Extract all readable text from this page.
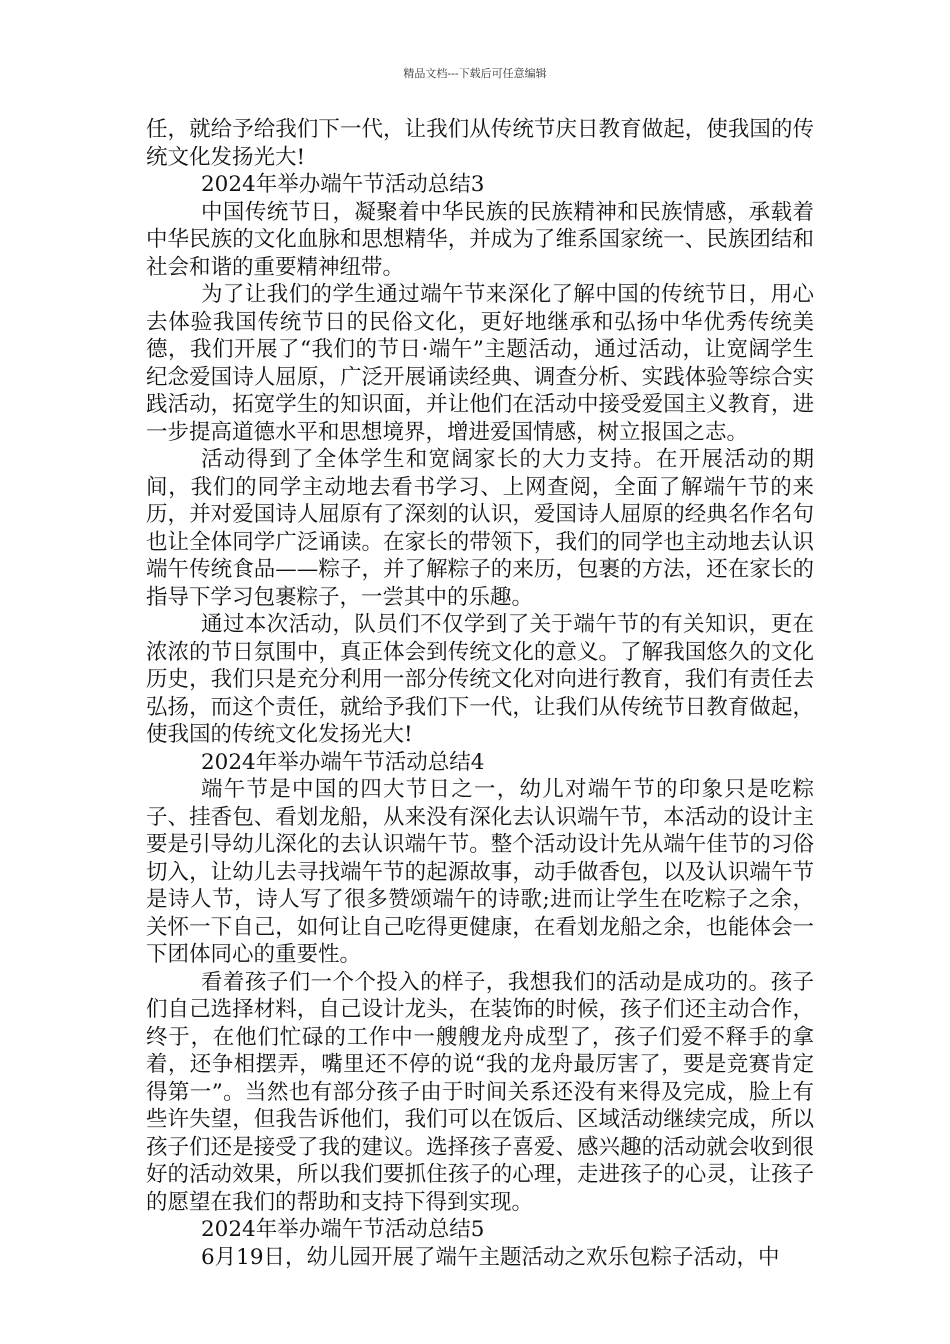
精品文档---下载后可任意编辑

任，就给予给我们下一代，让我们从传统节庆日教育做起，使我国的传统文化发扬光大!

2024年举办端午节活动总结3

中国传统节日，凝聚着中华民族的民族精神和民族情感，承载着中华民族的文化血脉和思想精华，并成为了维系国家统一、民族团结和社会和谐的重要精神纽带。

为了让我们的学生通过端午节来深化了解中国的传统节日，用心去体验我国传统节日的民俗文化，更好地继承和弘扬中华优秀传统美德，我们开展了“我们的节日·端午”主题活动，通过活动，让宽阔学生纪念爱国诗人屈原，广泛开展诵读经典、调查分析、实践体验等综合实践活动，拓宽学生的知识面，并让他们在活动中接受爱国主义教育，进一步提高道德水平和思想境界，增进爱国情感，树立报国之志。

活动得到了全体学生和宽阔家长的大力支持。在开展活动的期间，我们的同学主动地去看书学习、上网查阅，全面了解端午节的来历，并对爱国诗人屈原有了深刻的认识，爱国诗人屈原的经典名作名句也让全体同学广泛诵读。在家长的带领下，我们的同学也主动地去认识端午传统食品——粽子，并了解粽子的来历，包裹的方法，还在家长的指导下学习包裹粽子，一尝其中的乐趣。

通过本次活动，队员们不仅学到了关于端午节的有关知识，更在浓浓的节日氛围中，真正体会到传统文化的意义。了解我国悠久的文化历史，我们只是充分利用一部分传统文化对向进行教育，我们有责任去弘扬，而这个责任，就给予我们下一代，让我们从传统节日教育做起，使我国的传统文化发扬光大!

2024年举办端午节活动总结4

端午节是中国的四大节日之一，幼儿对端午节的印象只是吃粽子、挂香包、看划龙船，从来没有深化去认识端午节，本活动的设计主要是引导幼儿深化的去认识端午节。整个活动设计先从端午佳节的习俗切入，让幼儿去寻找端午节的起源故事，动手做香包，以及认识端午节是诗人节，诗人写了很多赞颂端午的诗歌;进而让学生在吃粽子之余，关怀一下自己，如何让自己吃得更健康，在看划龙船之余，也能体会一下团体同心的重要性。

看着孩子们一个个投入的样子，我想我们的活动是成功的。孩子们自己选择材料，自己设计龙头，在装饰的时候，孩子们还主动合作，终于，在他们忙碌的工作中一艘艘龙舟成型了，孩子们爱不释手的拿着，还争相摆弄，嘴里还不停的说“我的龙舟最厉害了，要是竞赛肯定得第一”。当然也有部分孩子由于时间关系还没有来得及完成，脸上有些许失望，但我告诉他们，我们可以在饭后、区域活动继续完成，所以孩子们还是接受了我的建议。选择孩子喜爱、感兴趣的活动就会收到很好的活动效果，所以我们要抓住孩子的心理，走进孩子的心灵，让孩子的愿望在我们的帮助和支持下得到实现。

2024年举办端午节活动总结5

6月19日，幼儿园开展了端午主题活动之欢乐包粽子活动，中
